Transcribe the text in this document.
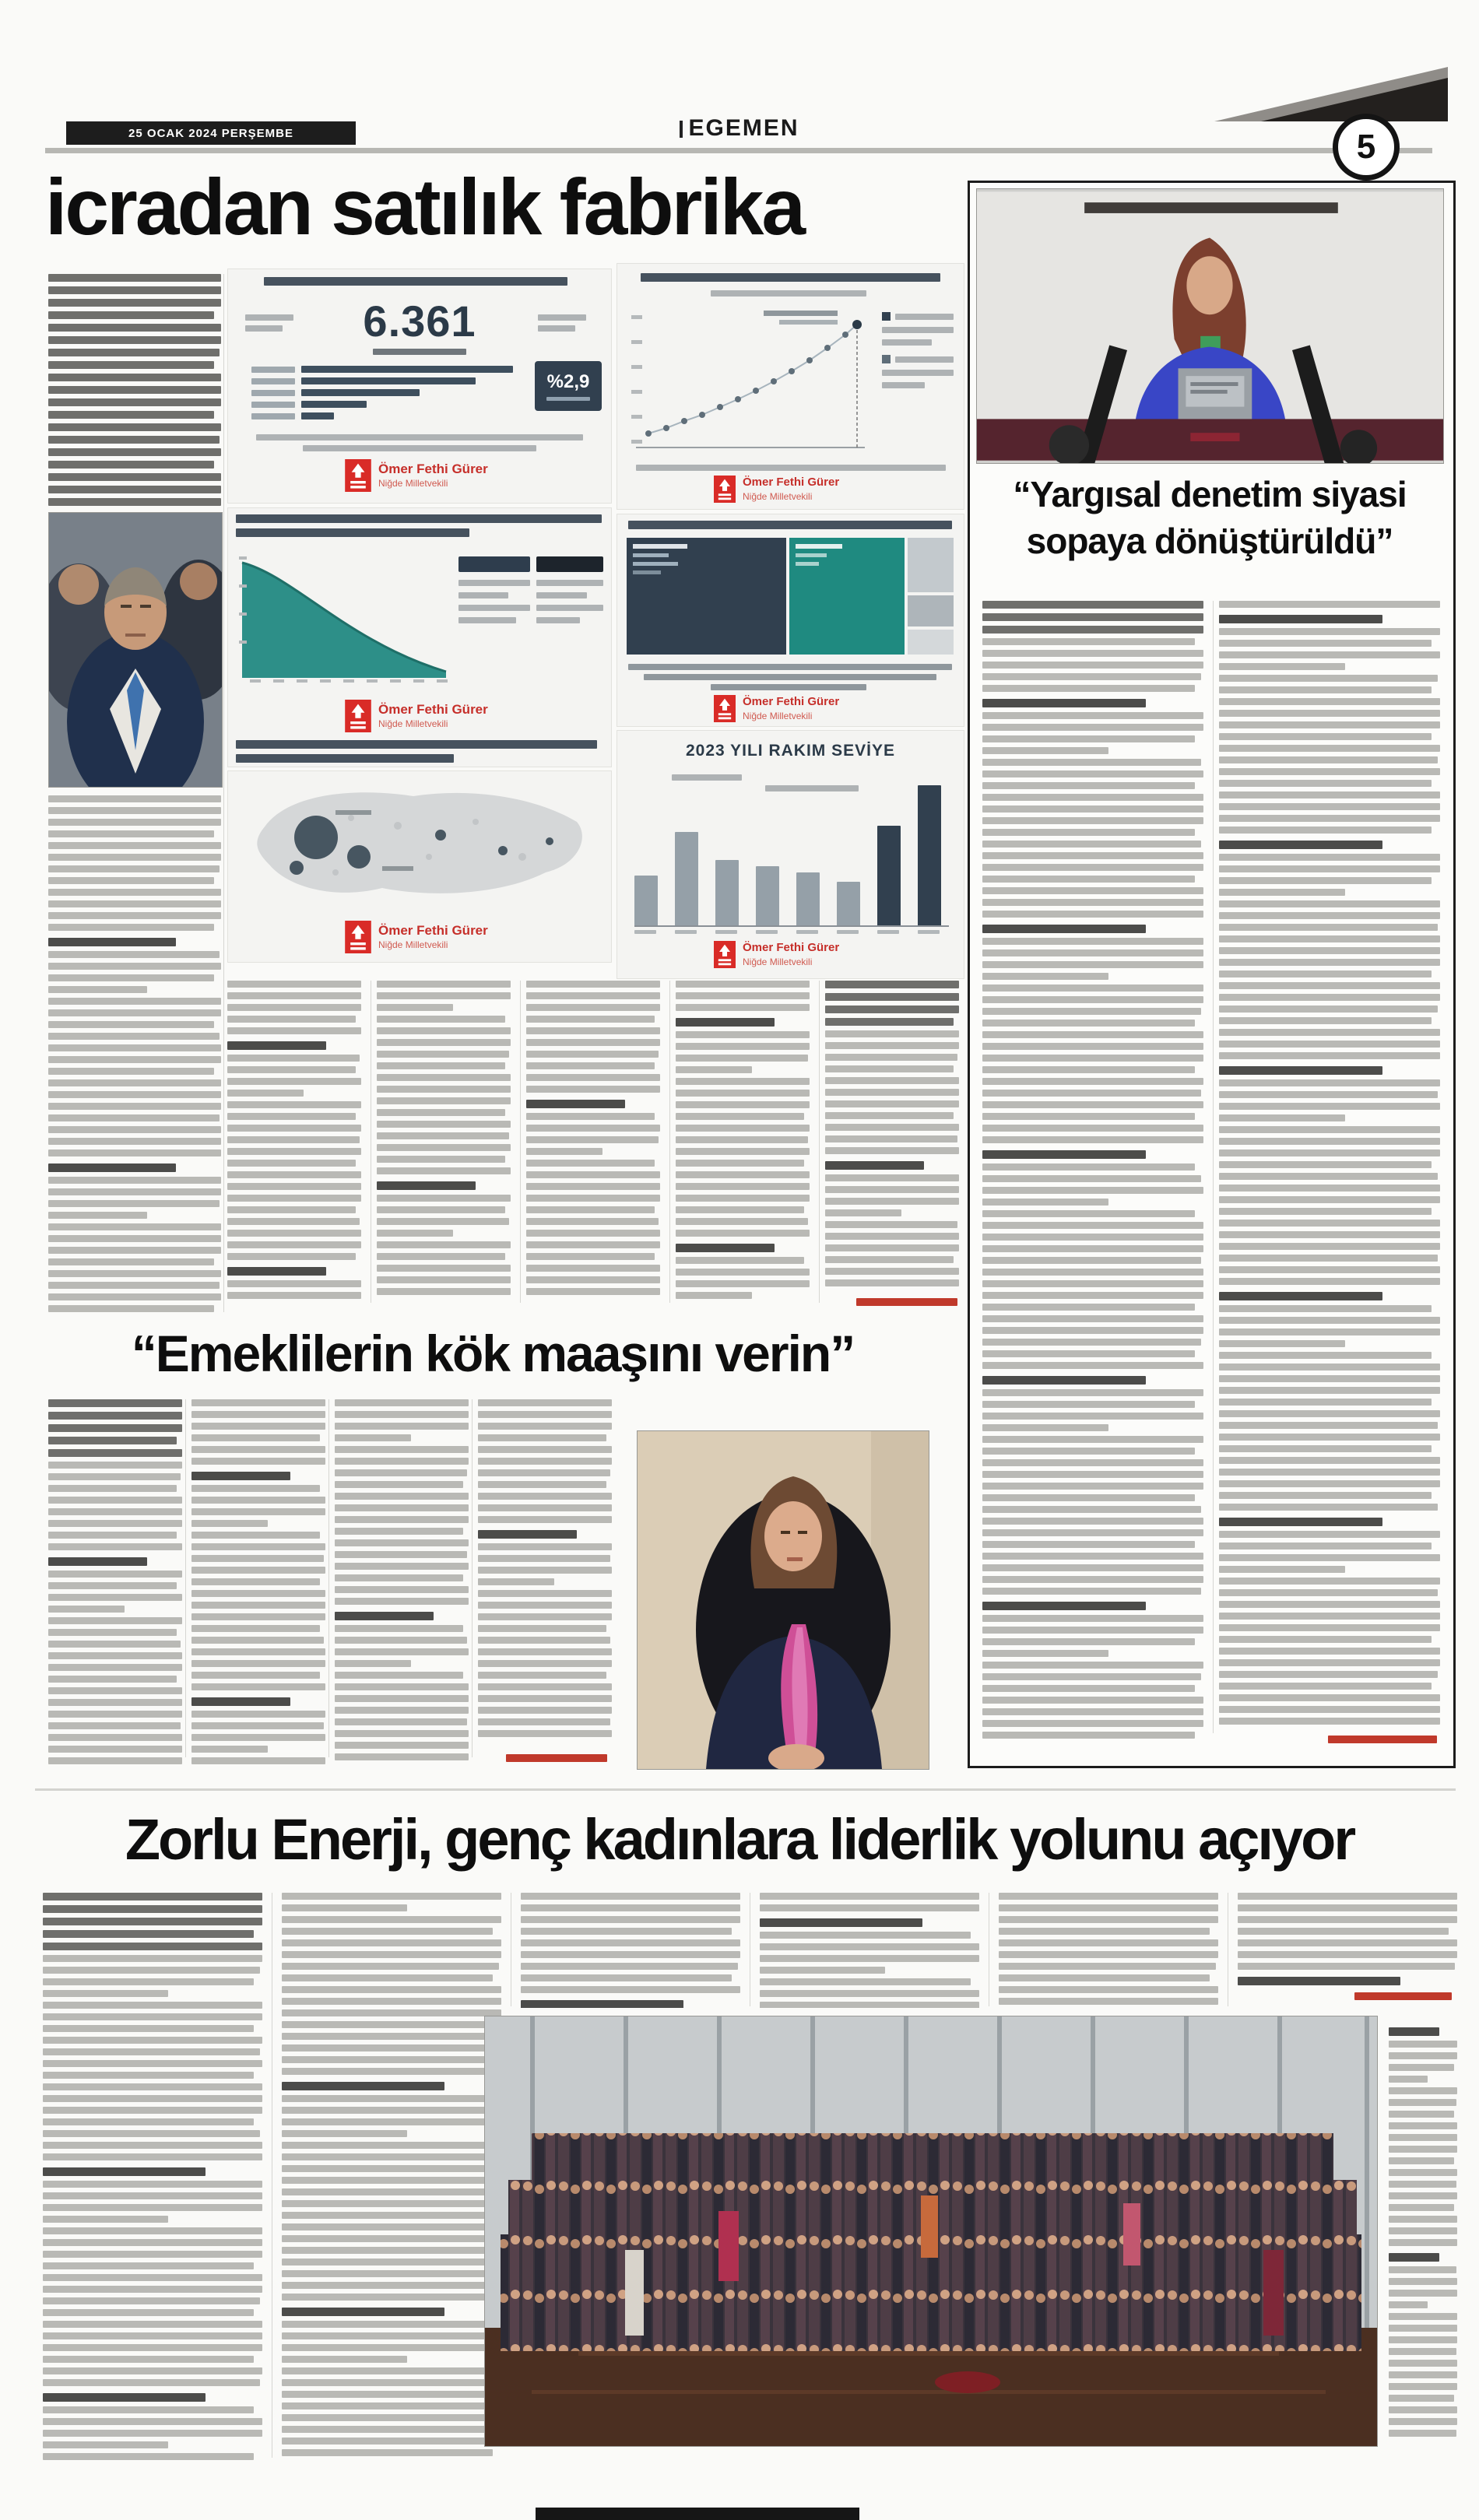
25 OCAK 2024 PERŞEMBE	EGEMEN	5
icradan satılık fabrika
6.361
%2,9
Ömer Fethi Gürer
Niğde Milletvekili	Ömer Fethi Gürer
Niğde Milletvekili
Ömer Fethi Gürer
Niğde Milletvekili
Ömer Fethi Gürer
Niğde Milletvekili
Ömer Fethi Gürer
Niğde Milletvekili
2023 YILI RAKIM SEVİYE
Ömer Fethi Gürer
Niğde Milletvekili
“Yargısal denetim siyasi
sopaya dönüştürüldü”
“Emeklilerin kök maaşını verin”
Zorlu Enerji, genç kadınlara liderlik yolunu açıyor
